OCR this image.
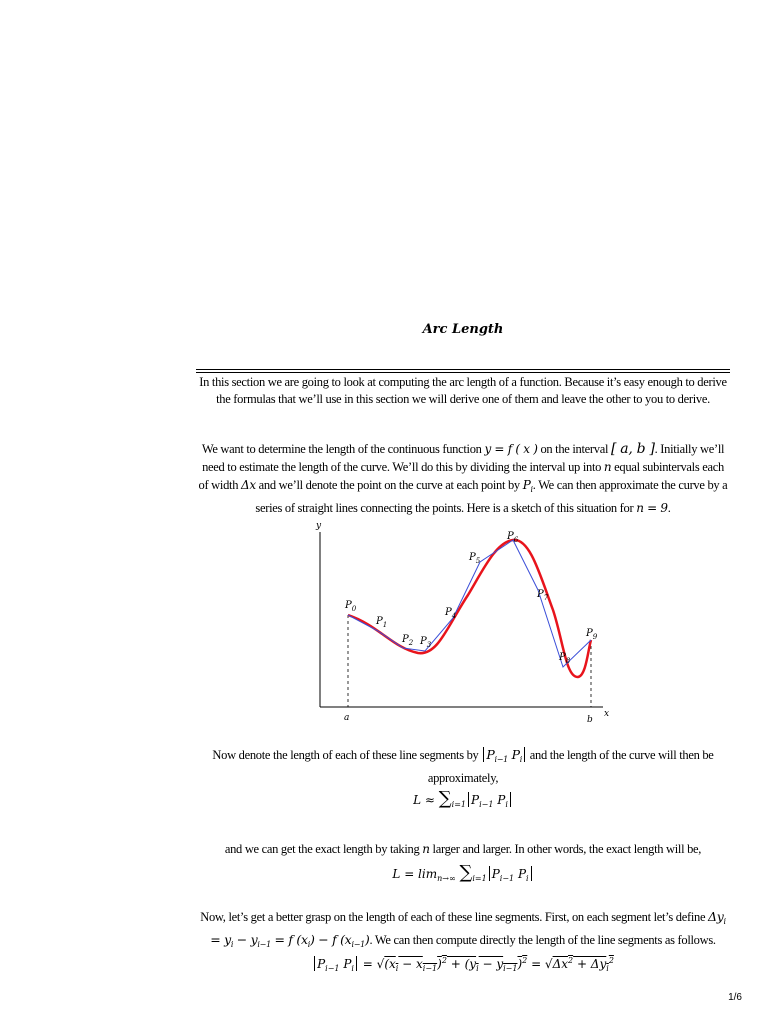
Arc Length
In this section we are going to look at computing the arc length of a function. Because it’s easy enough to derive the formulas that we’ll use in this section we will derive one of them and leave the other to you to derive.
We want to determine the length of the continuous function y = f ( x ) on the interval [ a, b ]. Initially we’ll need to estimate the length of the curve. We’ll do this by dividing the interval up into n equal subintervals each of width Δx and we’ll denote the point on the curve at each point by $P_i$. We can then approximate the curve by a series of straight lines connecting the points. Here is a sketch of this situation for n = 9.
y
x
a	b
$P_0$
$P_1$
$P_2$ $P_3$
$P_4$
$P_5$
$P_6$
$P_7$
$P_8$
$P_9$
Now denote the length of each of these line segments by $P_{i-1}$ $P_i$ and the length of the curve will then be approximately,
$L \approx \sum_{i=1}$ $P_{i-1}$ $P_i$
and we can get the exact length by taking n larger and larger. In other words, the exact length will be,
$L = \lim_{n\to\infty} \sum_{i=1}$ $P_{i-1}$ $P_i$
Now, let’s get a better grasp on the length of each of these line segments. First, on each segment let’s define $\Delta y_i = y_i - y_{i-1} = f$ $(x_i) - f$ $(x_{i-1})$. We can then compute directly the length of the line segments as follows.
$P_{i-1}$ $P_i = √(x_i - x_{i-1})^2 + (y_i - y_{i-1})^2 = √\Delta x^2 + \Delta y_i^2$
1/6
